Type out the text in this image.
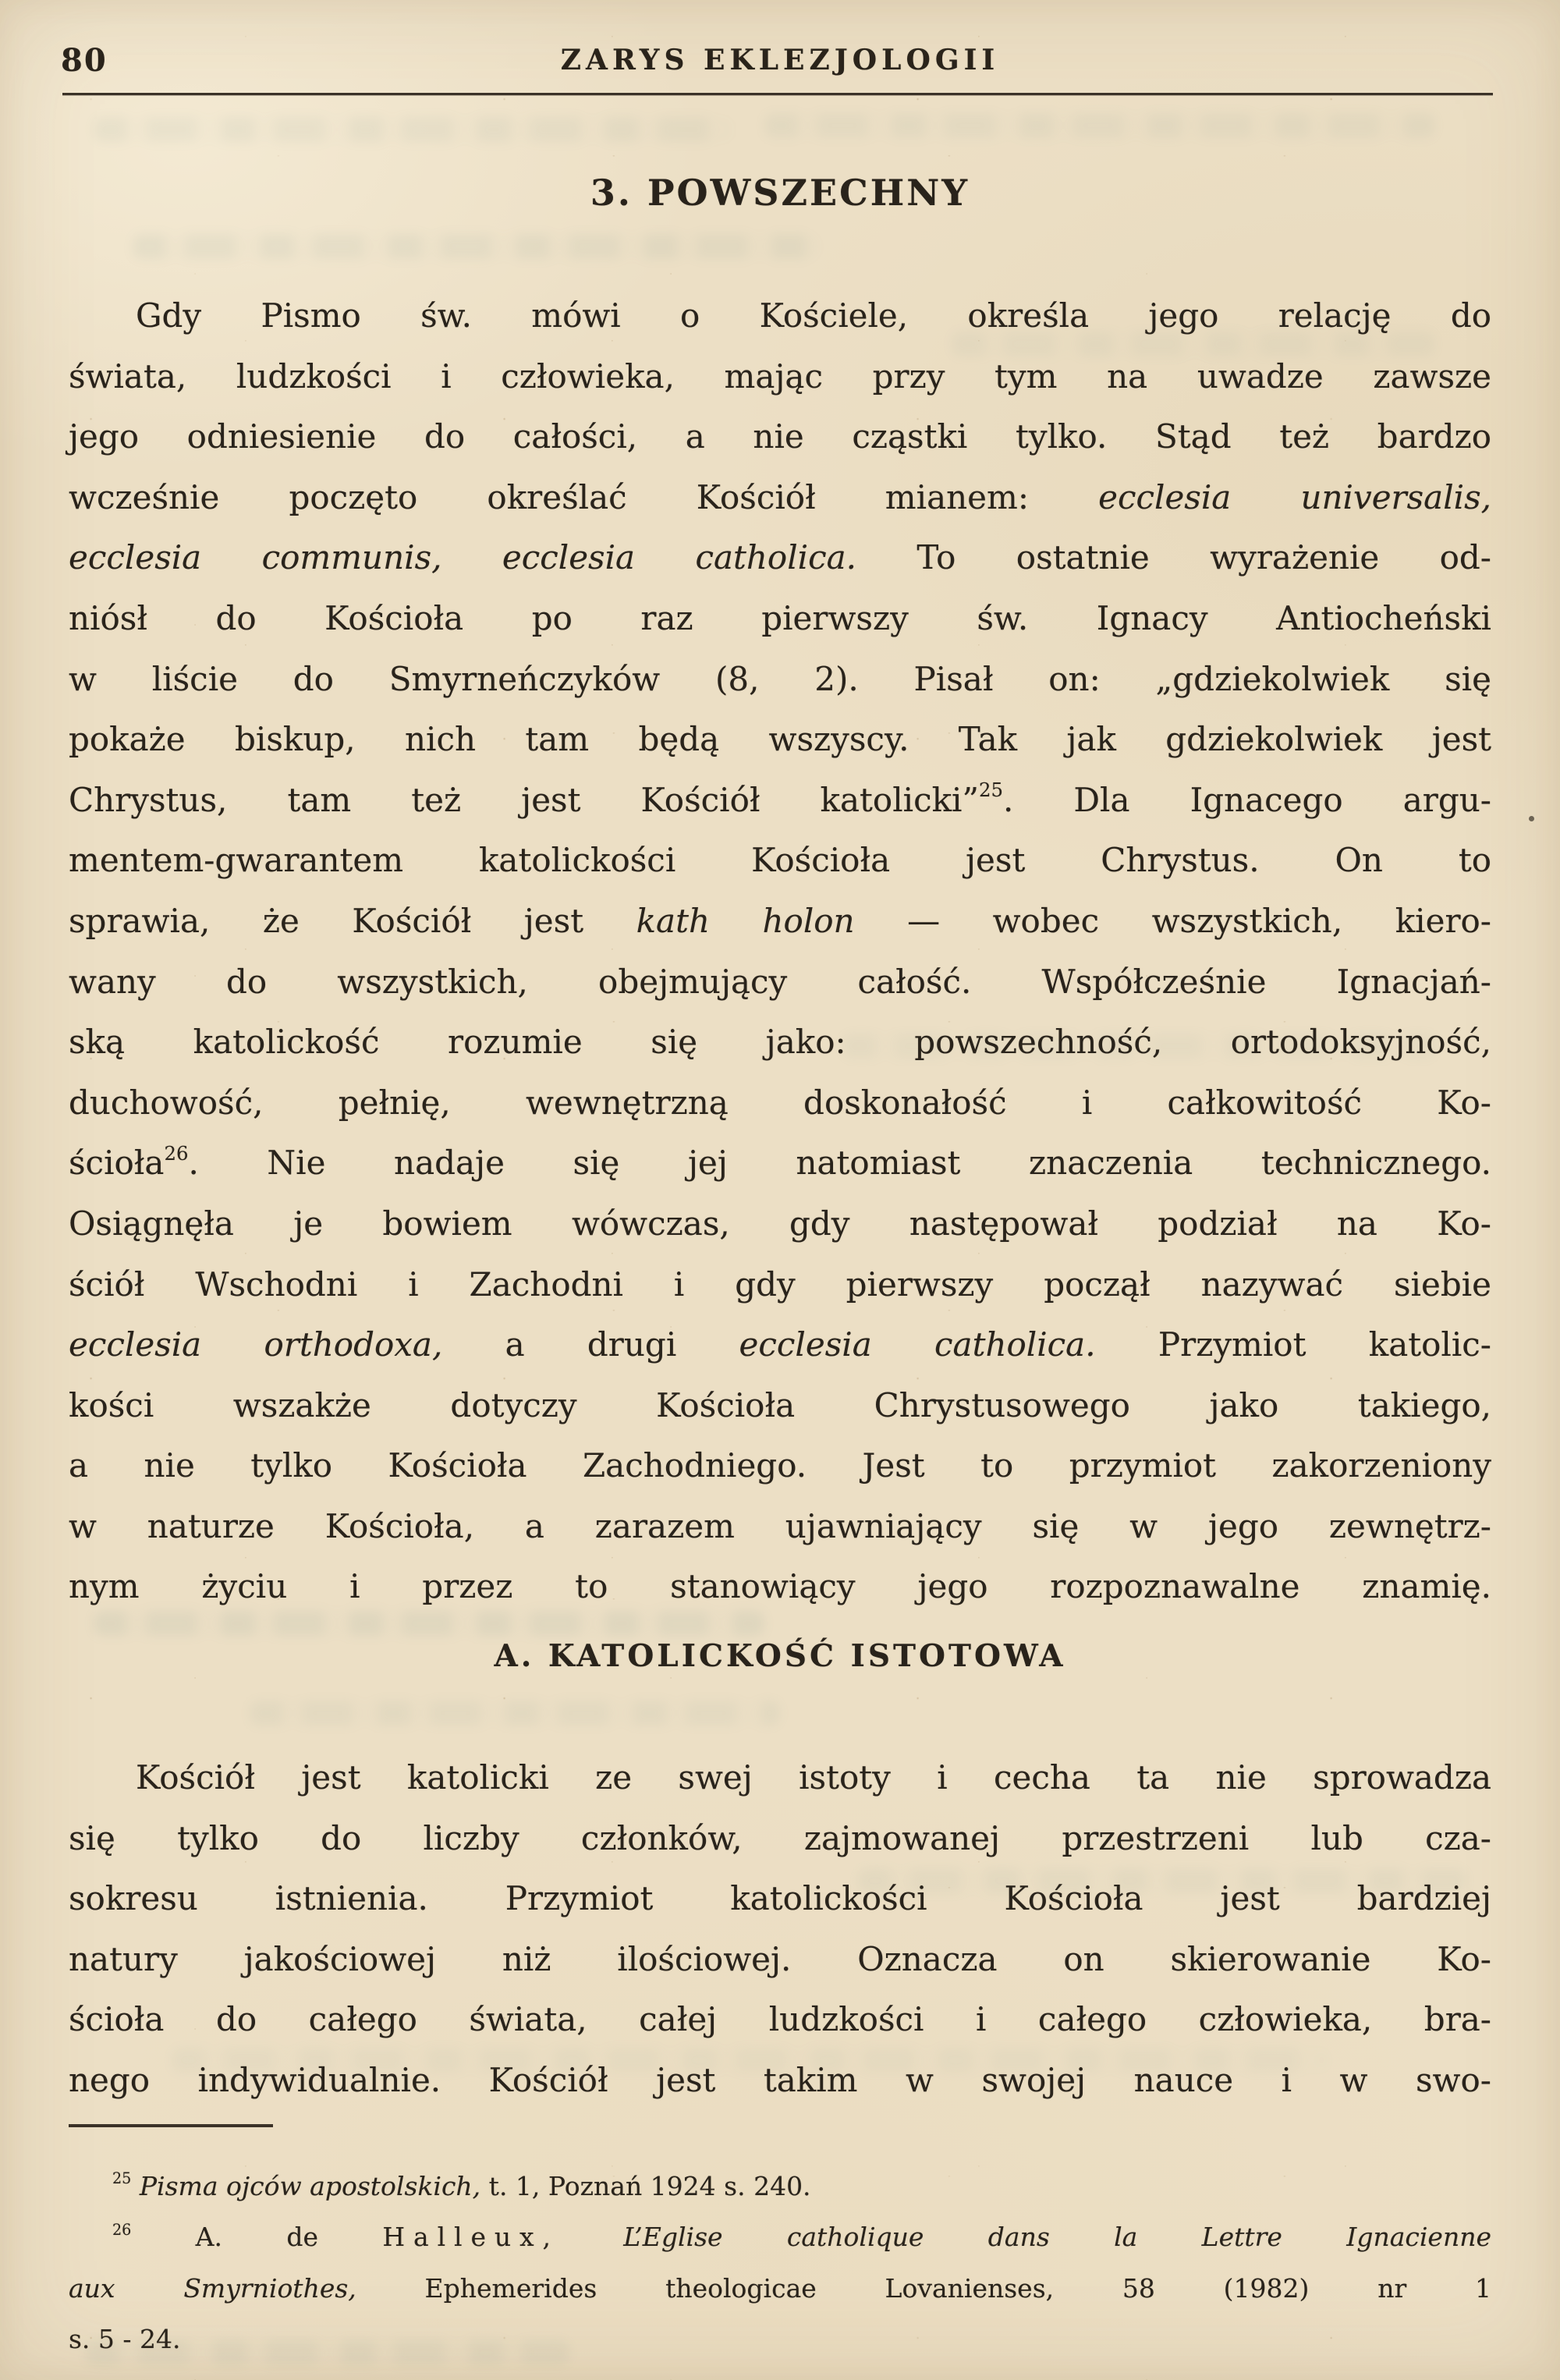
80	ZARYS EKLEZJOLOGII
3. POWSZECHNY
Gdy Pismo św. mówi o Kościele, określa jego relację do
świata, ludzkości i człowieka, mając przy tym na uwadze zawsze
jego odniesienie do całości, a nie cząstki tylko. Stąd też bardzo
wcześnie poczęto określać Kościół mianem: ecclesia universalis,
ecclesia communis, ecclesia catholica. To ostatnie wyrażenie od-
niósł do Kościoła po raz pierwszy św. Ignacy Antiocheński
w liście do Smyrneńczyków (8, 2). Pisał on: „gdziekolwiek się
pokaże biskup, nich tam będą wszyscy. Tak jak gdziekolwiek jest
Chrystus, tam też jest Kościół katolicki”$^{25}$. Dla Ignacego argu-
mentem-gwarantem katolickości Kościoła jest Chrystus. On to
sprawia, że Kościół jest kath holon — wobec wszystkich, kiero-
wany do wszystkich, obejmujący całość. Współcześnie Ignacjań-
ską katolickość rozumie się jako: powszechność, ortodoksyjność,
duchowość, pełnię, wewnętrzną doskonałość i całkowitość Ko-
ścioła$^{26}$. Nie nadaje się jej natomiast znaczenia technicznego.
Osiągnęła je bowiem wówczas, gdy następował podział na Ko-
ściół Wschodni i Zachodni i gdy pierwszy począł nazywać siebie
ecclesia orthodoxa, a drugi ecclesia catholica. Przymiot katolic-
kości wszakże dotyczy Kościoła Chrystusowego jako takiego,
a nie tylko Kościoła Zachodniego. Jest to przymiot zakorzeniony
w naturze Kościoła, a zarazem ujawniający się w jego zewnętrz-
nym życiu i przez to stanowiący jego rozpoznawalne znamię.
A. KATOLICKOŚĆ ISTOTOWA
Kościół jest katolicki ze swej istoty i cecha ta nie sprowadza
się tylko do liczby członków, zajmowanej przestrzeni lub cza-
sokresu istnienia. Przymiot katolickości Kościoła jest bardziej
natury jakościowej niż ilościowej. Oznacza on skierowanie Ko-
ścioła do całego świata, całej ludzkości i całego człowieka, bra-
nego indywidualnie. Kościół jest takim w swojej nauce i w swo-
$^{25}$ Pisma ojców apostolskich, t. 1, Poznań 1924 s. 240.
$^{26}$ A. de Halleux, L’Eglise catholique dans la Lettre Ignacienne
aux Smyrniothes, Ephemerides theologicae Lovanienses, 58 (1982) nr 1
s. 5 - 24.
